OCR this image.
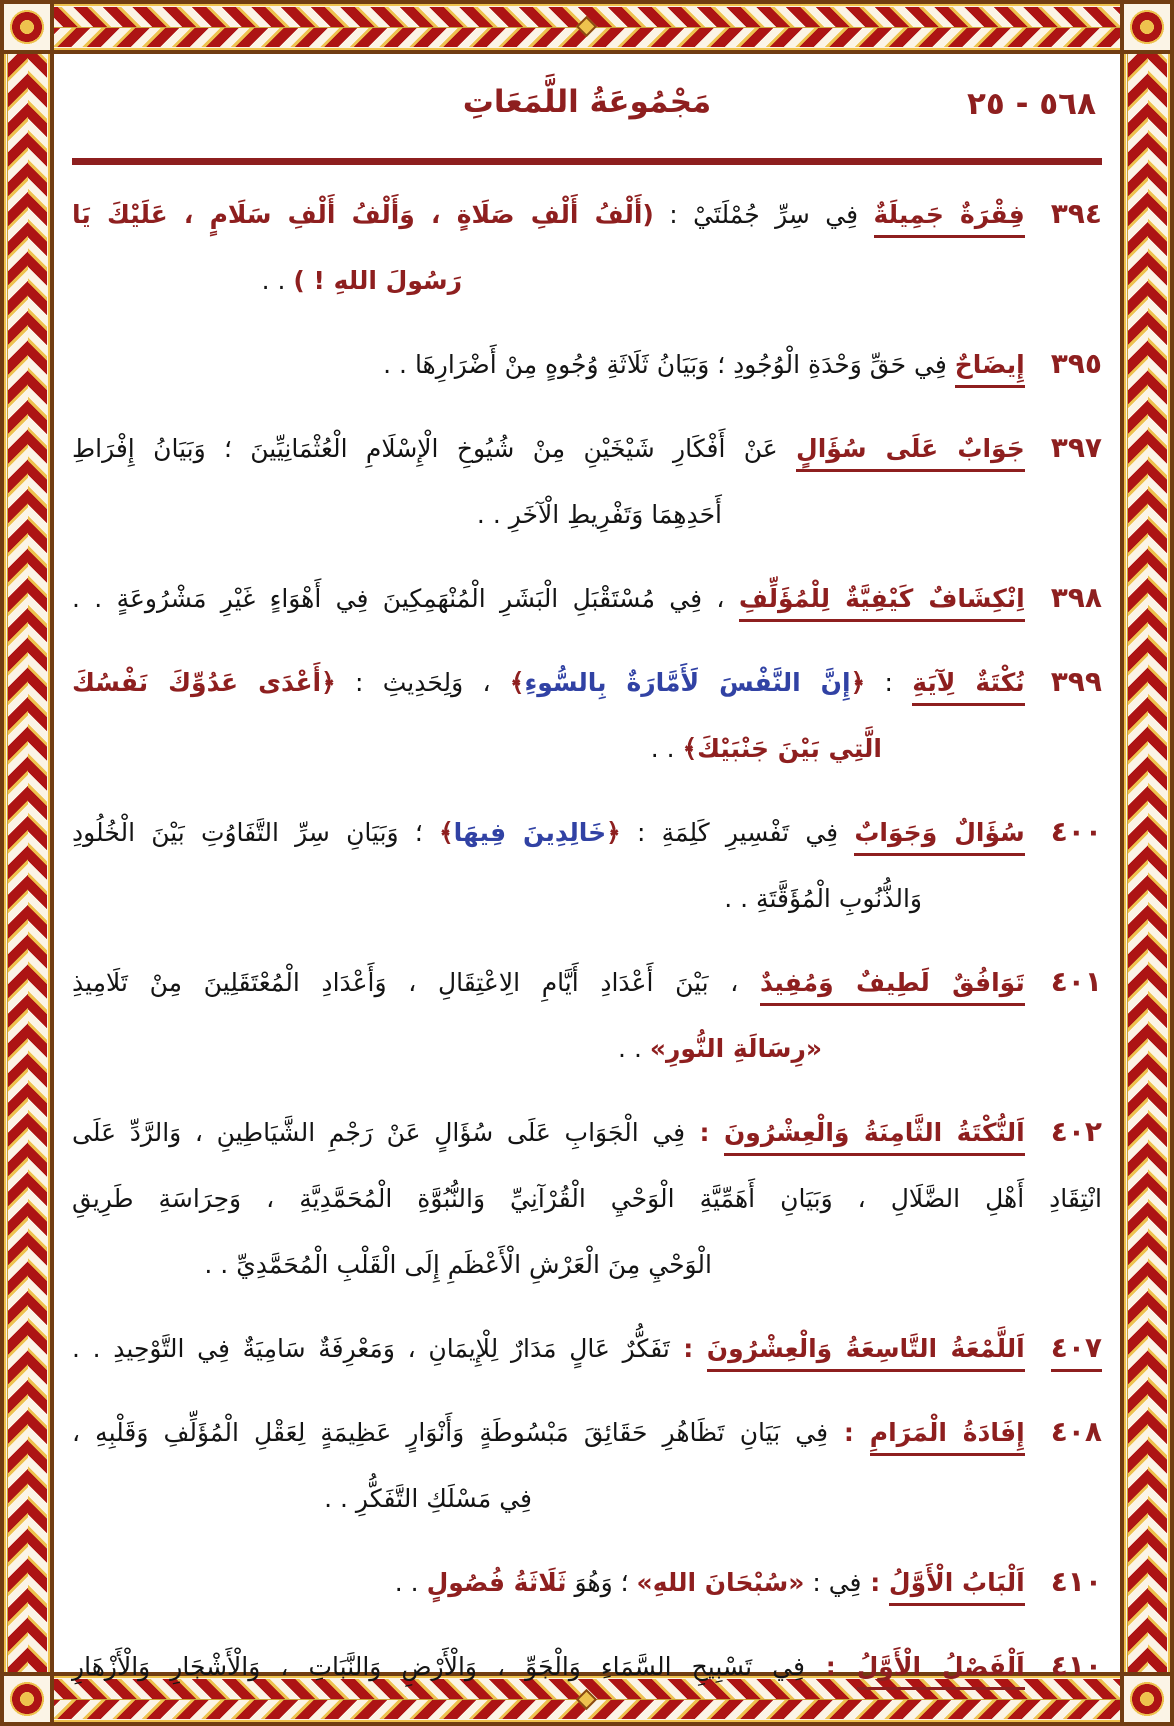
٥٦٨ - ٢٥
مَجْمُوعَةُ اللَّمَعَاتِ
٣٩٤فِقْرَةٌ جَمِيلَةٌ فِي سِرِّ جُمْلَتَيْ : (أَلْفُ أَلْفِ صَلَاةٍ ، وَأَلْفُ أَلْفِ سَلَامٍ ، عَلَيْكَ يَا
رَسُولَ اللهِ ! ) . .
٣٩٥إِيضَاحٌ فِي حَقِّ وَحْدَةِ الْوُجُودِ ؛ وَبَيَانُ ثَلَاثَةِ وُجُوهٍ مِنْ أَضْرَارِهَا . .
٣٩٧جَوَابٌ عَلَى سُؤَالٍ عَنْ أَفْكَارِ شَيْخَيْنِ مِنْ شُيُوخِ الْإِسْلَامِ الْعُثْمَانِيِّينَ ؛ وَبَيَانُ إِفْرَاطِ
أَحَدِهِمَا وَتَفْرِيطِ الْآخَرِ . .
٣٩٨اِنْكِشَافٌ كَيْفِيَّةٌ لِلْمُؤَلِّفِ ، فِي مُسْتَقْبَلِ الْبَشَرِ الْمُنْهَمِكِينَ فِي أَهْوَاءٍ غَيْرِ مَشْرُوعَةٍ . .
٣٩٩نُكْتَةٌ لِآيَةِ : ﴿إِنَّ النَّفْسَ لَأَمَّارَةٌ بِالسُّوءِ﴾ ، وَلِحَدِيثِ : ﴿أَعْدَى عَدُوِّكَ نَفْسُكَ
الَّتِي بَيْنَ جَنْبَيْكَ﴾ . .
٤٠٠سُؤَالٌ وَجَوَابٌ فِي تَفْسِيرِ كَلِمَةِ : ﴿خَالِدِينَ فِيهَا﴾ ؛ وَبَيَانِ سِرِّ التَّفَاوُتِ بَيْنَ الْخُلُودِ
وَالذُّنُوبِ الْمُؤَقَّتَةِ . .
٤٠١تَوَافُقٌ لَطِيفٌ وَمُفِيدٌ ، بَيْنَ أَعْدَادِ أَيَّامِ الِاعْتِقَالِ ، وَأَعْدَادِ الْمُعْتَقَلِينَ مِنْ تَلَامِيذِ
«رِسَالَةِ النُّورِ» . .
٤٠٢اَلنُّكْتَةُ الثَّامِنَةُ وَالْعِشْرُونَ : فِي الْجَوَابِ عَلَى سُؤَالٍ عَنْ رَجْمِ الشَّيَاطِينِ ، وَالرَّدِّ عَلَى
انْتِقَادِ أَهْلِ الضَّلَالِ ، وَبَيَانِ أَهَمِّيَّةِ الْوَحْيِ الْقُرْآنِيِّ وَالنُّبُوَّةِ الْمُحَمَّدِيَّةِ ، وَحِرَاسَةِ طَرِيقِ
الْوَحْيِ مِنَ الْعَرْشِ الْأَعْظَمِ إِلَى الْقَلْبِ الْمُحَمَّدِيِّ . .
٤٠٧اَللَّمْعَةُ التَّاسِعَةُ وَالْعِشْرُونَ : تَفَكُّرٌ عَالٍ مَدَارٌ لِلْإِيمَانِ ، وَمَعْرِفَةٌ سَامِيَةٌ فِي التَّوْحِيدِ . .
٤٠٨إِفَادَةُ الْمَرَامِ : فِي بَيَانِ تَظَاهُرِ حَقَائِقَ مَبْسُوطَةٍ وَأَنْوَارٍ عَظِيمَةٍ لِعَقْلِ الْمُؤَلِّفِ وَقَلْبِهِ ،
فِي مَسْلَكِ التَّفَكُّرِ . .
٤١٠اَلْبَابُ الْأَوَّلُ : فِي : «سُبْحَانَ اللهِ» ؛ وَهُوَ ثَلَاثَةُ فُصُولٍ . .
٤١٠اَلْفَصْلُ الْأَوَّلُ : فِي تَسْبِيحِ السَّمَاءِ وَالْجَوِّ ، وَالْأَرْضِ وَالنَّبَاتِ ، وَالْأَشْجَارِ وَالْأَزْهَارِ
